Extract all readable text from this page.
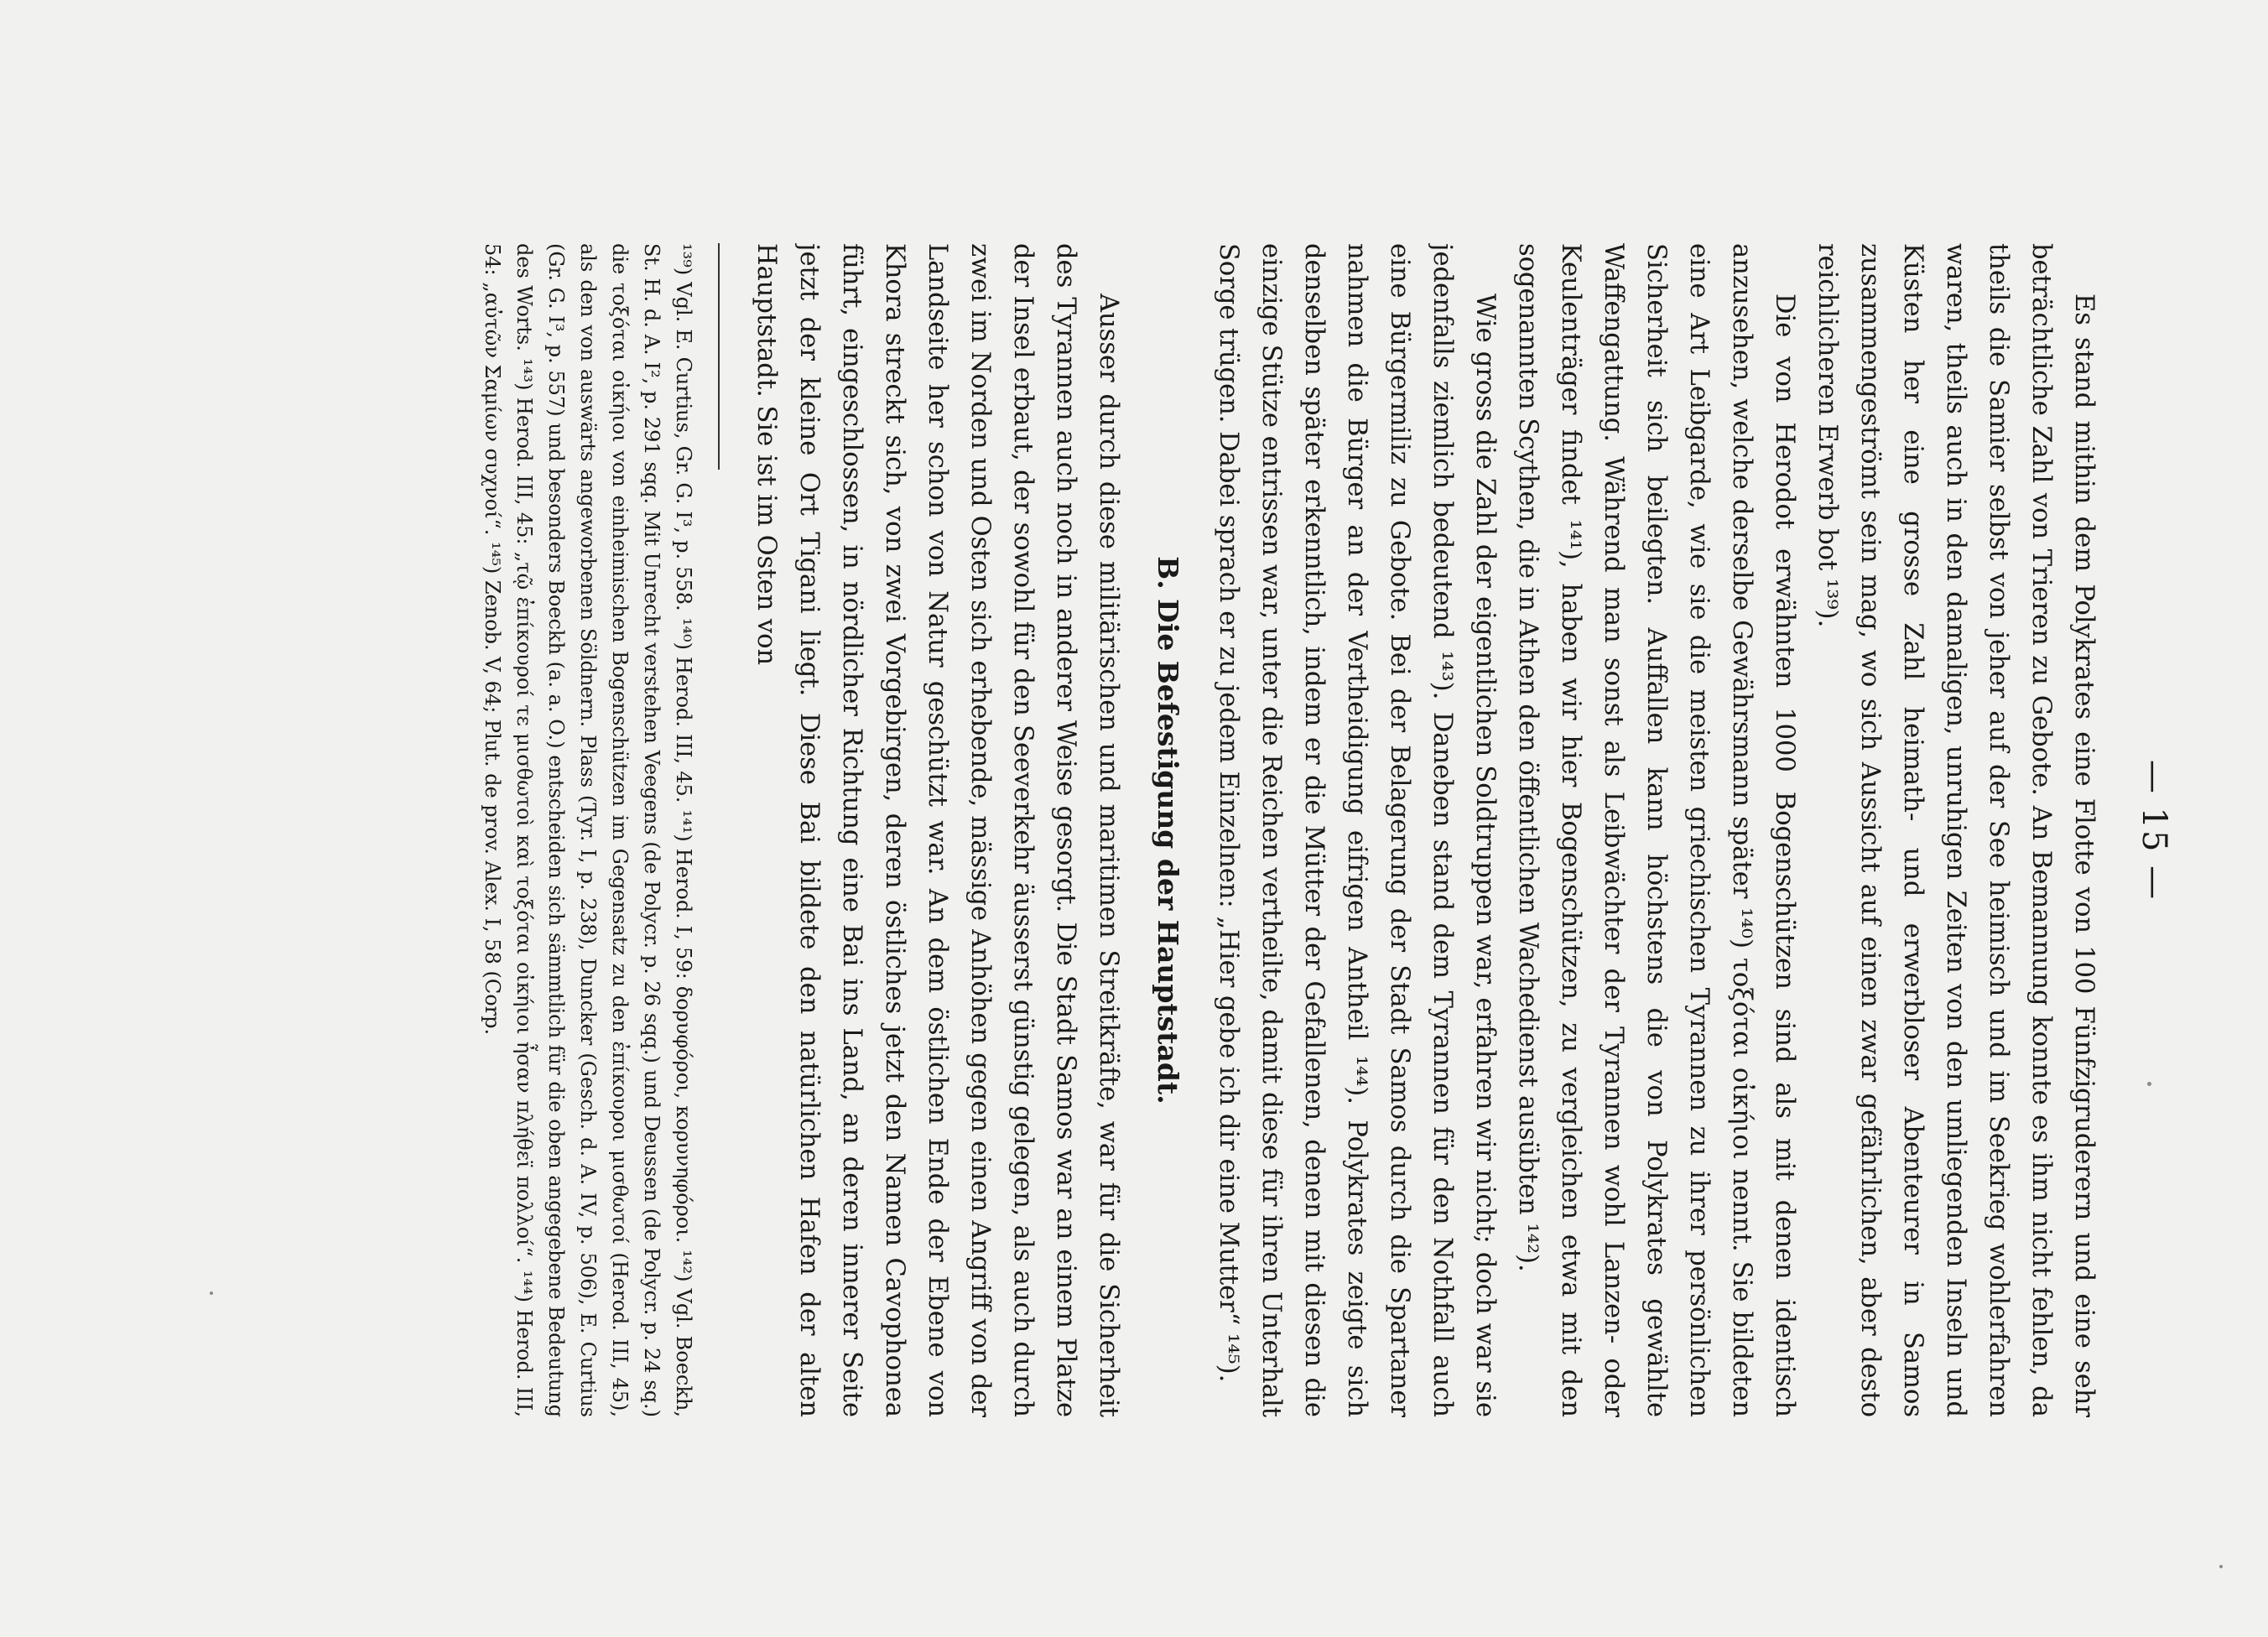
— 15 —

Es stand mithin dem Polykrates eine Flotte von 100 Fünfzigruderern und eine sehr beträchtliche Zahl von Trieren zu Gebote. An Bemannung konnte es ihm nicht fehlen, da theils die Samier selbst von jeher auf der See heimisch und im Seekrieg wohlerfahren waren, theils auch in den damaligen, unruhigen Zeiten von den umliegenden Inseln und Küsten her eine grosse Zahl heimath- und erwerbloser Abenteurer in Samos zusammengeströmt sein mag, wo sich Aussicht auf einen zwar gefährlichen, aber desto reichlicheren Erwerb bot ¹³⁹).

Die von Herodot erwähnten 1000 Bogenschützen sind als mit denen identisch anzusehen, welche derselbe Gewährsmann später ¹⁴⁰) τοξόται οἰκήιοι nennt. Sie bildeten eine Art Leibgarde, wie sie die meisten griechischen Tyrannen zu ihrer persönlichen Sicherheit sich beilegten. Auffallen kann höchstens die von Polykrates gewählte Waffengattung. Während man sonst als Leibwächter der Tyrannen wohl Lanzen- oder Keulenträger findet ¹⁴¹), haben wir hier Bogenschützen, zu vergleichen etwa mit den sogenannten Scythen, die in Athen den öffentlichen Wachedienst ausübten ¹⁴²).

Wie gross die Zahl der eigentlichen Soldtruppen war, erfahren wir nicht; doch war sie jedenfalls ziemlich bedeutend ¹⁴³). Daneben stand dem Tyrannen für den Nothfall auch eine Bürgermiliz zu Gebote. Bei der Belagerung der Stadt Samos durch die Spartaner nahmen die Bürger an der Vertheidigung eifrigen Antheil ¹⁴⁴). Polykrates zeigte sich denselben später erkenntlich, indem er die Mütter der Gefallenen, denen mit diesen die einzige Stütze entrissen war, unter die Reichen vertheilte, damit diese für ihren Unterhalt Sorge trügen. Dabei sprach er zu jedem Einzelnen: „Hier gebe ich dir eine Mutter“ ¹⁴⁵).

B. Die Befestigung der Hauptstadt.

Ausser durch diese militärischen und maritimen Streitkräfte, war für die Sicherheit des Tyrannen auch noch in anderer Weise gesorgt. Die Stadt Samos war an einem Platze der Insel erbaut, der sowohl für den Seeverkehr äusserst günstig gelegen, als auch durch zwei im Norden und Osten sich erhebende, mässige Anhöhen gegen einen Angriff von der Landseite her schon von Natur geschützt war. An dem östlichen Ende der Ebene von Khora streckt sich, von zwei Vorgebirgen, deren östliches jetzt den Namen Cavophonea führt, eingeschlossen, in nördlicher Richtung eine Bai ins Land, an deren innerer Seite jetzt der kleine Ort Tigani liegt. Diese Bai bildete den natürlichen Hafen der alten Hauptstadt. Sie ist im Osten von

¹³⁹) Vgl. E. Curtius, Gr. G. I³, p. 558. ¹⁴⁰) Herod. III, 45. ¹⁴¹) Herod. I, 59: δορυφόροι, κορυνηφόροι. ¹⁴²) Vgl. Boeckh, St. H. d. A. I², p. 291 sqq. Mit Unrecht verstehen Veegens (de Polycr. p. 26 sqq.) und Deussen (de Polycr. p. 24 sq.) die τοξόται οἰκήιοι von einheimischen Bogenschützen im Gegensatz zu den ἐπίκουροι μισθωτοί (Herod. III, 45), als den von auswärts angeworbenen Söldnern. Plass (Tyr. I, p. 238), Duncker (Gesch. d. A. IV, p. 506), E. Curtius (Gr. G. I³, p. 557) und besonders Boeckh (a. a. O.) entscheiden sich sämmtlich für die oben angegebene Bedeutung des Worts. ¹⁴³) Herod. III, 45: „τῷ ἐπίκουροί τε μισθωτοὶ καὶ τοξόται οἰκήιοι ἦσαν πλήθεϊ πολλοί“. ¹⁴⁴) Herod. III, 54: „αὐτῶν Σαμίων συχνοί“. ¹⁴⁵) Zenob. V, 64; Plut. de prov. Alex. I, 58 (Corp.
